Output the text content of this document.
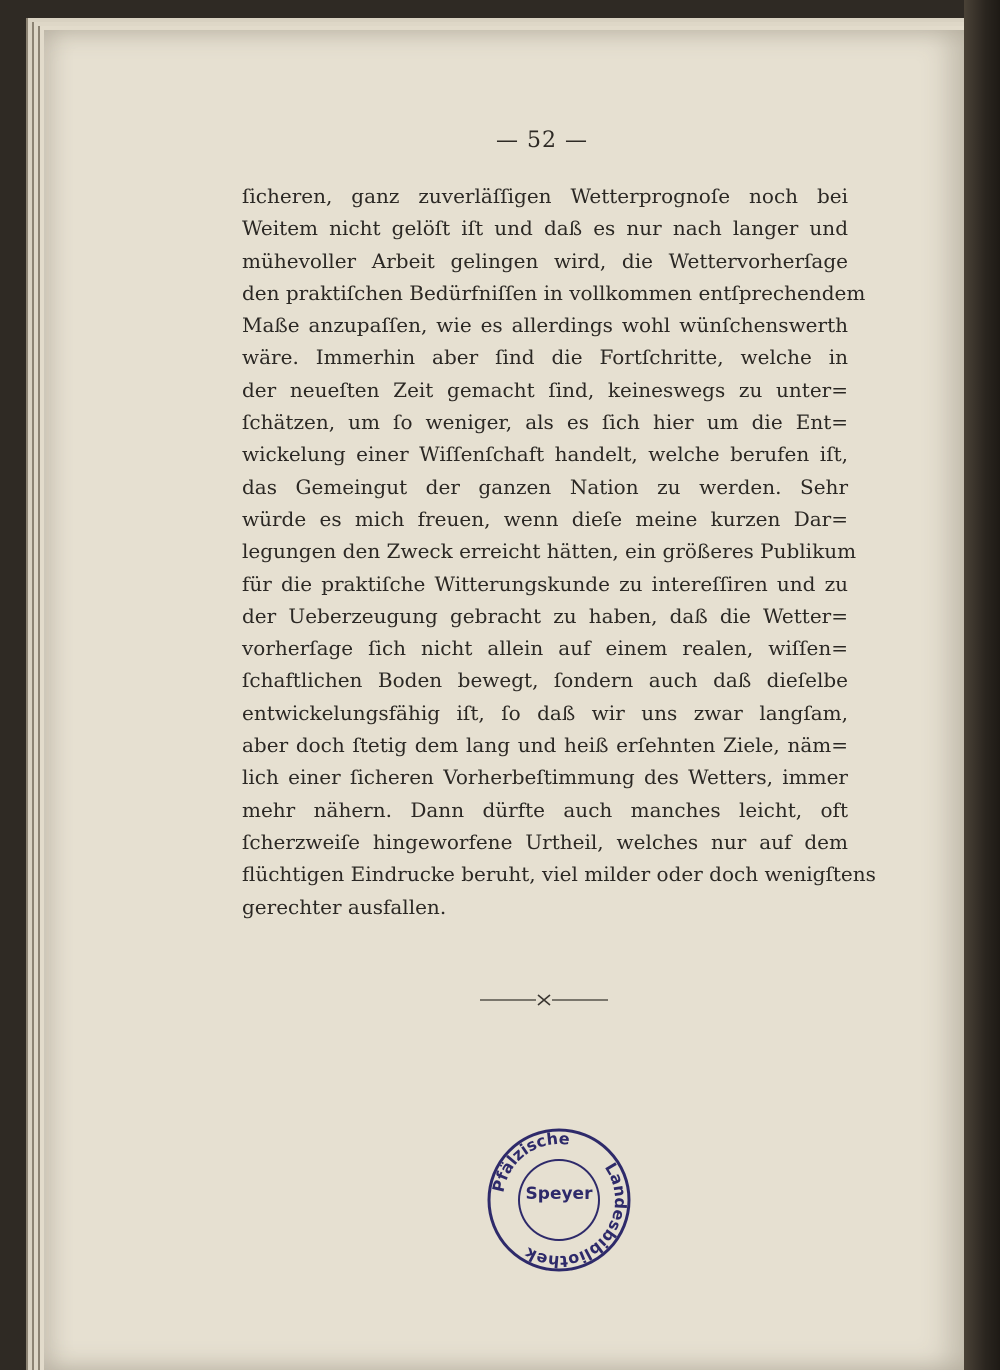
— 52 —
ſicheren, ganz zuverläſſigen Wetterprognoſe noch bei
Weitem nicht gelöſt iſt und daß es nur nach langer und
mühevoller Arbeit gelingen wird, die Wettervorherſage
den praktiſchen Bedürfniſſen in vollkommen entſprechendem
Maße anzupaſſen, wie es allerdings wohl wünſchenswerth
wäre. Immerhin aber ſind die Fortſchritte, welche in
der neueſten Zeit gemacht ſind, keineswegs zu unter=
ſchätzen, um ſo weniger, als es ſich hier um die Ent=
wickelung einer Wiſſenſchaft handelt, welche berufen iſt,
das Gemeingut der ganzen Nation zu werden. Sehr
würde es mich freuen, wenn dieſe meine kurzen Dar=
legungen den Zweck erreicht hätten, ein größeres Publikum
für die praktiſche Witterungskunde zu intereſſiren und zu
der Ueberzeugung gebracht zu haben, daß die Wetter=
vorherſage ſich nicht allein auf einem realen, wiſſen=
ſchaftlichen Boden bewegt, ſondern auch daß dieſelbe
entwickelungsfähig iſt, ſo daß wir uns zwar langſam,
aber doch ſtetig dem lang und heiß erſehnten Ziele, näm=
lich einer ſicheren Vorherbeſtimmung des Wetters, immer
mehr nähern. Dann dürfte auch manches leicht, oft
ſcherzweiſe hingeworfene Urtheil, welches nur auf dem
flüchtigen Eindrucke beruht, viel milder oder doch wenigſtens
gerechter ausfallen.
Pfälzische
Landesbibliothek
Speyer
